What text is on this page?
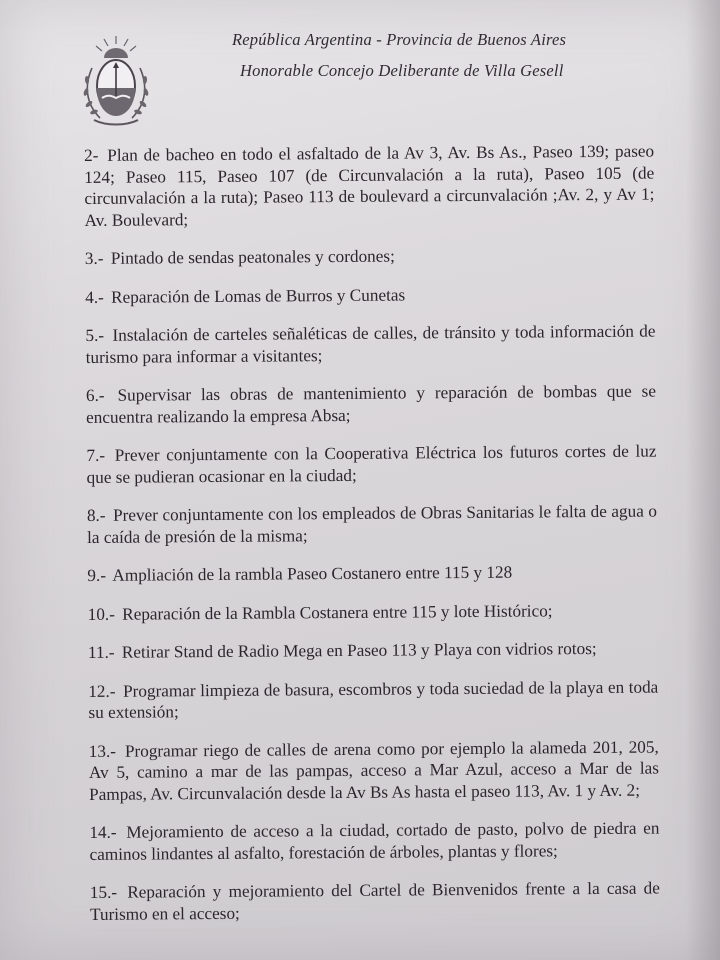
República Argentina - Provincia de Buenos Aires
Honorable Concejo Deliberante de Villa Gesell

2- Plan de bacheo en todo el asfaltado de la Av 3, Av. Bs As., Paseo 139; paseo 124; Paseo 115, Paseo 107 (de Circunvalación a la ruta), Paseo 105 (de circunvalación a la ruta); Paseo 113 de boulevard a circunvalación ;Av. 2, y Av 1; Av. Boulevard;

3.- Pintado de sendas peatonales y cordones;

4.- Reparación de Lomas de Burros y Cunetas

5.- Instalación de carteles señaléticas de calles, de tránsito y toda información de turismo para informar a visitantes;

6.- Supervisar las obras de mantenimiento y reparación de bombas que se encuentra realizando la empresa Absa;

7.- Prever conjuntamente con la Cooperativa Eléctrica los futuros cortes de luz que se pudieran ocasionar en la ciudad;

8.- Prever conjuntamente con los empleados de Obras Sanitarias le falta de agua o la caída de presión de la misma;

9.- Ampliación de la rambla Paseo Costanero entre 115 y 128

10.- Reparación de la Rambla Costanera entre 115 y lote Histórico;

11.- Retirar Stand de Radio Mega en Paseo 113 y Playa con vidrios rotos;

12.- Programar limpieza de basura, escombros y toda suciedad de la playa en toda su extensión;

13.- Programar riego de calles de arena como por ejemplo la alameda 201, 205, Av 5, camino a mar de las pampas, acceso a Mar Azul, acceso a Mar de las Pampas, Av. Circunvalación desde la Av Bs As hasta el paseo 113, Av. 1 y Av. 2;

14.- Mejoramiento de acceso a la ciudad, cortado de pasto, polvo de piedra en caminos lindantes al asfalto, forestación de árboles, plantas y flores;

15.- Reparación y mejoramiento del Cartel de Bienvenidos frente a la casa de Turismo en el acceso;
